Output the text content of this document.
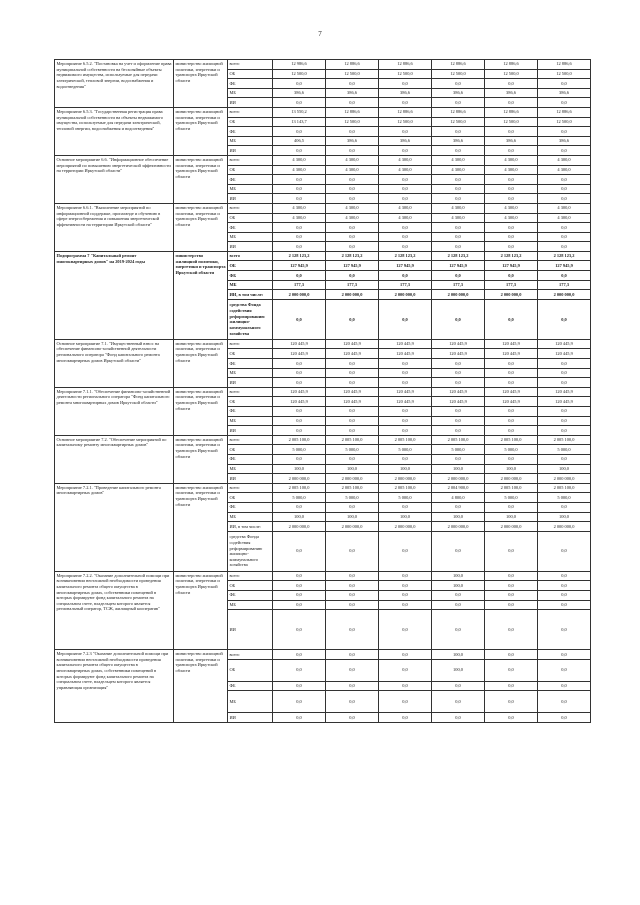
7
Мероприятие 6.5.2. "Постановка на учет и оформление права муниципальной собственности на бесхозяйные объекты недвижимого имущества, используемые для передачи электрической, тепловой энергии, водоснабжения и водоотведения"	министерство жилищной политики, энергетики и транспорта Иркутской области	всего	12 986,6	12 886,6	12 886,6	12 886,6	12 886,6	12 886,6
		ОБ	12 500,0	12 500,0	12 500,0	12 500,0	12 500,0	12 500,0
		ФБ	0,0	0,0	0,0	0,0	0,0	0,0
		МБ	386,6	386,6	386,6	386,6	386,6	386,6
		ИИ	0,0	0,0	0,0	0,0	0,0	0,0
Мероприятие 6.5.3. "Государственная регистрация права муниципальной собственности на объекты недвижимого имущества, используемые для передачи электрической, тепловой энергии, водоснабжения и водоотведения"	министерство жилищной политики, энергетики и транспорта Иркутской области	всего	13 550,2	12 886,6	12 886,6	12 886,6	12 886,6	12 886,6
		ОБ	13 143,7	12 500,0	12 500,0	12 500,0	12 500,0	12 500,0
		ФБ	0,0	0,0	0,0	0,0	0,0	0,0
		МБ	406,5	386,6	386,6	386,6	386,6	386,6
		ИИ	0,0	0,0	0,0	0,0	0,0	0,0
Основное мероприятие 6.6. "Информационное обеспечение мероприятий по повышению энергетической эффективности на территории Иркутской области"	министерство жилищной политики, энергетики и транспорта Иркутской области	всего	4 300,0	4 300,0	4 300,0	4 300,0	4 300,0	4 300,0
		ОБ	4 300,0	4 300,0	4 300,0	4 300,0	4 300,0	4 300,0
		ФБ	0,0	0,0	0,0	0,0	0,0	0,0
		МБ	0,0	0,0	0,0	0,0	0,0	0,0
		ИИ	0,0	0,0	0,0	0,0	0,0	0,0
Мероприятие 6.6.1. "Выполнение мероприятий по информационной поддержке, пропаганде и обучению в сфере энергосбережения и повышения энергетической эффективности на территории Иркутской области"	министерство жилищной политики, энергетики и транспорта Иркутской области	всего	4 300,0	4 300,0	4 300,0	4 300,0	4 300,0	4 300,0
		ОБ	4 300,0	4 300,0	4 300,0	4 300,0	4 300,0	4 300,0
		ФБ	0,0	0,0	0,0	0,0	0,0	0,0
		МБ	0,0	0,0	0,0	0,0	0,0	0,0
		ИИ	0,0	0,0	0,0	0,0	0,0	0,0
Подпрограмма 7 "Капитальный ремонт многоквартирных домов" на 2019-2024 годы	министерство жилищной политики, энергетики и транспорта Иркутской области	всего	2 128 123,2	2 128 123,2	2 128 123,2	2 128 123,2	2 128 123,2	2 128 123,2
		ОБ	127 945,9	127 945,9	127 945,9	127 945,9	127 945,9	127 945,9
		ФБ	0,0	0,0	0,0	0,0	0,0	0,0
		МБ	177,3	177,3	177,3	177,3	177,3	177,3
		ИИ, в том числе:	2 000 000,0	2 000 000,0	2 000 000,0	2 000 000,0	2 000 000,0	2 000 000,0
		средства Фонда содействия реформированию жилищно-коммунального хозяйства	0,0	0,0	0,0	0,0	0,0	0,0
Основное мероприятие 7.1. "Имущественный взнос на обеспечение финансово-хозяйственной деятельности регионального оператора "Фонд капитального ремонта многоквартирных домов Иркутской области"	министерство жилищной политики, энергетики и транспорта Иркутской области	всего	120 445,9	120 445,9	120 445,9	120 445,9	120 445,9	120 445,9
		ОБ	120 445,9	120 445,9	120 445,9	120 445,9	120 445,9	120 445,9
		ФБ	0,0	0,0	0,0	0,0	0,0	0,0
		МБ	0,0	0,0	0,0	0,0	0,0	0,0
		ИИ	0,0	0,0	0,0	0,0	0,0	0,0
Мероприятие 7.1.1. "Обеспечение финансово-хозяйственной деятельности регионального оператора "Фонд капитального ремонта многоквартирных домов Иркутской области"	министерство жилищной политики, энергетики и транспорта Иркутской области	всего	120 445,9	120 445,9	120 445,9	120 445,9	120 445,9	120 445,9
		ОБ	120 445,9	120 445,9	120 445,9	120 445,9	120 445,9	120 445,9
		ФБ	0,0	0,0	0,0	0,0	0,0	0,0
		МБ	0,0	0,0	0,0	0,0	0,0	0,0
		ИИ	0,0	0,0	0,0	0,0	0,0	0,0
Основное мероприятие 7.2. "Обеспечение мероприятий по капитальному ремонту многоквартирных домов"	министерство жилищной политики, энергетики и транспорта Иркутской области	всего	2 005 100,0	2 005 100,0	2 005 100,0	2 005 100,0	2 005 100,0	2 005 100,0
		ОБ	5 000,0	5 000,0	5 000,0	5 000,0	5 000,0	5 000,0
		ФБ	0,0	0,0	0,0	0,0	0,0	0,0
		МБ	100,0	100,0	100,0	100,0	100,0	100,0
		ИИ	2 000 000,0	2 000 000,0	2 000 000,0	2 000 000,0	2 000 000,0	2 000 000,0
Мероприятие 7.2.1. "Проведение капитального ремонта многоквартирных домов"	министерство жилищной политики, энергетики и транспорта Иркутской области	всего	2 005 100,0	2 005 100,0	2 005 100,0	2 004 900,0	2 005 100,0	2 005 100,0
		ОБ	5 000,0	5 000,0	5 000,0	4 800,0	5 000,0	5 000,0
		ФБ	0,0	0,0	0,0	0,0	0,0	0,0
		МБ	100,0	100,0	100,0	100,0	100,0	100,0
		ИИ, в том числе:	2 000 000,0	2 000 000,0	2 000 000,0	2 000 000,0	2 000 000,0	2 000 000,0
		средства Фонда содействия реформированию жилищно-коммунального хозяйства	0,0	0,0	0,0	0,0	0,0	0,0
Мероприятие 7.2.2. "Оказание дополнительной помощи при возникновении неотложной необходимости проведения капитального ремонта общего имущества в многоквартирных домах, собственники помещений в которых формируют фонд капитального ремонта на специальном счете, владельцем которого является региональный оператор, ТСЖ, жилищный кооператив"	министерство жилищной политики, энергетики и транспорта Иркутской области	всего	0,0	0,0	0,0	100,0	0,0	0,0
		ОБ	0,0	0,0	0,0	100,0	0,0	0,0
		ФБ	0,0	0,0	0,0	0,0	0,0	0,0
		МБ	0,0	0,0	0,0	0,0	0,0	0,0
		ИИ	0,0	0,0	0,0	0,0	0,0	0,0
Мероприятие 7.2.3 "Оказание дополнительной помощи при возникновении неотложной необходимости проведения капитального ремонта общего имущества в многоквартирных домах, собственники помещений в которых формируют фонд капитального ремонта на специальном счете, владельцем которого является управляющая организация"	министерство жилищной политики, энергетики и транспорта Иркутской области	всего	0,0	0,0	0,0	100,0	0,0	0,0
		ОБ	0,0	0,0	0,0	100,0	0,0	0,0
		ФБ	0,0	0,0	0,0	0,0	0,0	0,0
		МБ	0,0	0,0	0,0	0,0	0,0	0,0
		ИИ	0,0	0,0	0,0	0,0	0,0	0,0
